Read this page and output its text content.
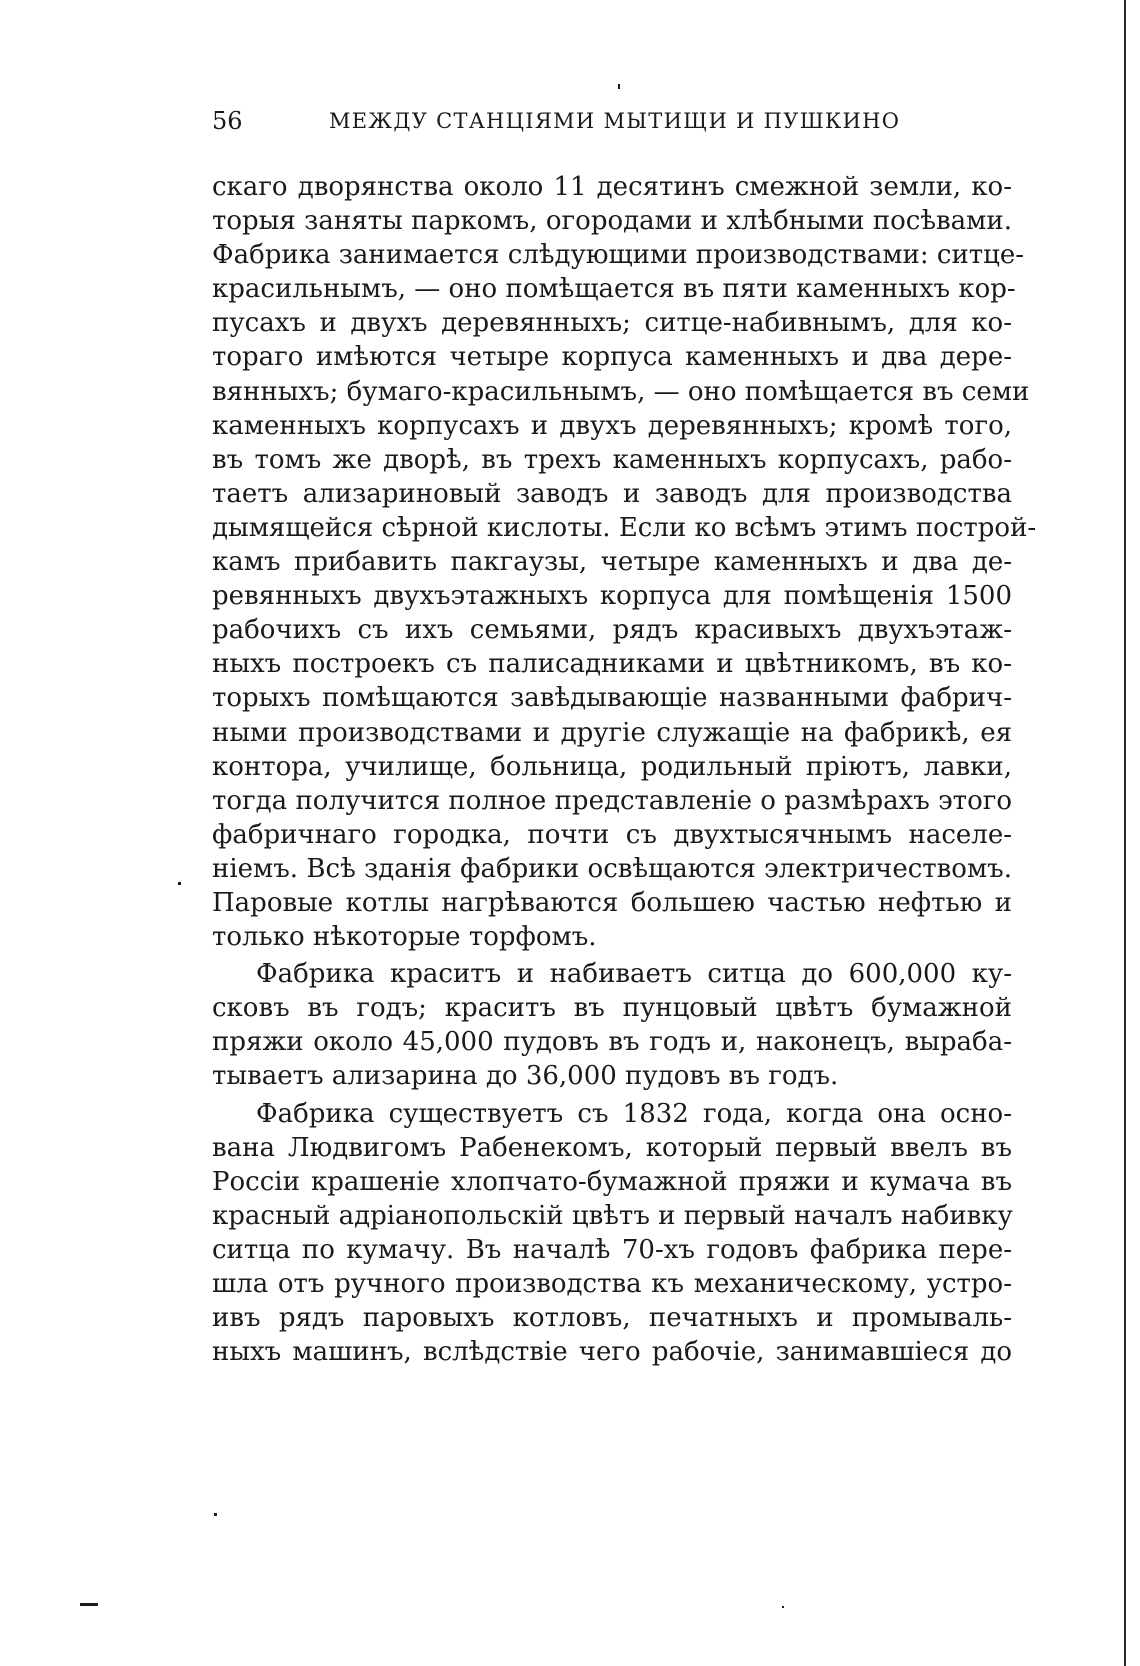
56	МЕЖДУ СТАНЦІЯМИ МЫТИЩИ И ПУШКИНО
скаго дворянства около 11 десятинъ смежной земли, ко-
торыя заняты паркомъ, огородами и хлѣбными посѣвами.
Фабрика занимается слѣдующими производствами: ситце-
красильнымъ, — оно помѣщается въ пяти каменныхъ кор-
пусахъ и двухъ деревянныхъ; ситце-набивнымъ, для ко-
тораго имѣются четыре корпуса каменныхъ и два дере-
вянныхъ; бумаго-красильнымъ, — оно помѣщается въ семи
каменныхъ корпусахъ и двухъ деревянныхъ; кромѣ того,
въ томъ же дворѣ, въ трехъ каменныхъ корпусахъ, рабо-
таетъ ализариновый заводъ и заводъ для производства
дымящейся сѣрной кислоты. Если ко всѣмъ этимъ построй-
камъ прибавить пакгаузы, четыре каменныхъ и два де-
ревянныхъ двухъэтажныхъ корпуса для помѣщенія 1500
рабочихъ съ ихъ семьями, рядъ красивыхъ двухъэтаж-
ныхъ построекъ съ палисадниками и цвѣтникомъ, въ ко-
торыхъ помѣщаются завѣдывающіе названными фабрич-
ными производствами и другіе служащіе на фабрикѣ, ея
контора, училище, больница, родильный пріютъ, лавки,
тогда получится полное представленіе о размѣрахъ этого
фабричнаго городка, почти съ двухтысячнымъ населе-
ніемъ. Всѣ зданія фабрики освѣщаются электричествомъ.
Паровые котлы нагрѣваются большею частью нефтью и
только нѣкоторые торфомъ.
Фабрика краситъ и набиваетъ ситца до 600,000 ку-
сковъ въ годъ; краситъ въ пунцовый цвѣтъ бумажной
пряжи около 45,000 пудовъ въ годъ и, наконецъ, выраба-
тываетъ ализарина до 36,000 пудовъ въ годъ.
Фабрика существуетъ съ 1832 года, когда она осно-
вана Людвигомъ Рабенекомъ, который первый ввелъ въ
Россіи крашеніе хлопчато-бумажной пряжи и кумача въ
красный адріанопольскій цвѣтъ и первый началъ набивку
ситца по кумачу. Въ началѣ 70-хъ годовъ фабрика пере-
шла отъ ручного производства къ механическому, устро-
ивъ рядъ паровыхъ котловъ, печатныхъ и промываль-
ныхъ машинъ, вслѣдствіе чего рабочіе, занимавшіеся до
